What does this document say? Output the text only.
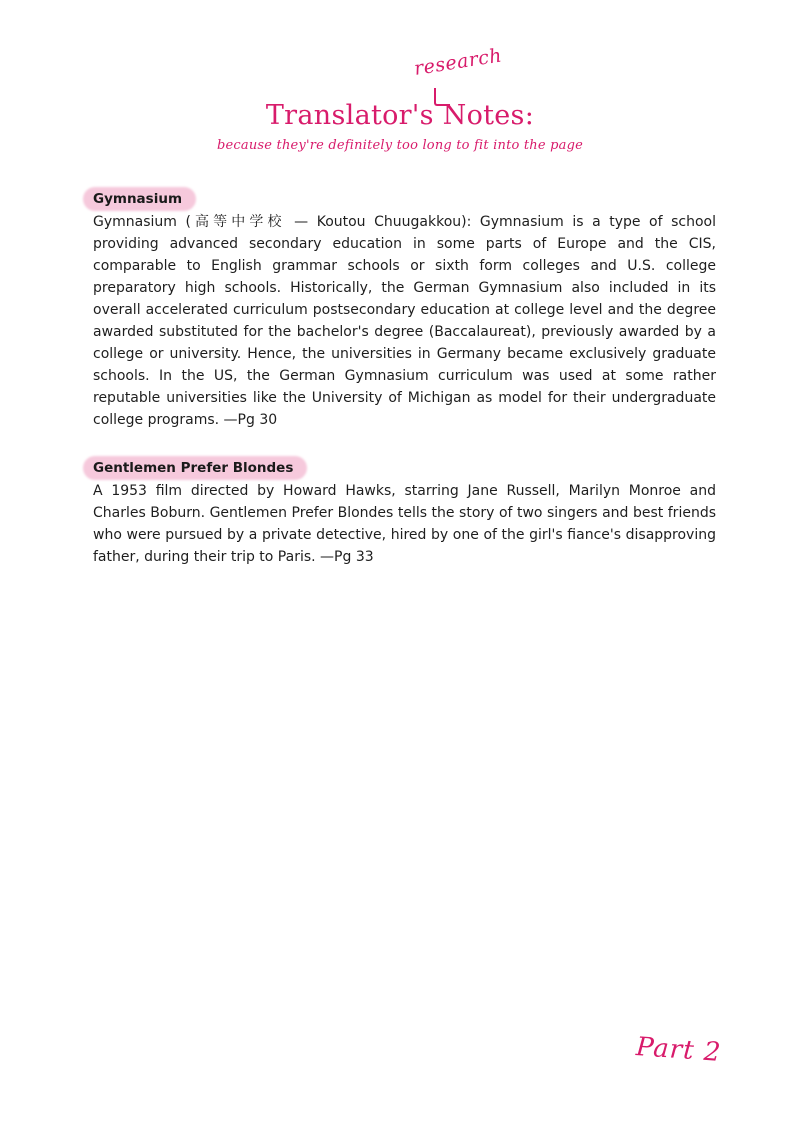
research
Translator's Notes:

because they're definitely too long to fit into the page

Gymnasium

Gymnasium (高等中学校 — Koutou Chuugakkou): Gymnasium is a type of school providing advanced secondary education in some parts of Europe and the CIS, comparable to English grammar schools or sixth form colleges and U.S. college preparatory high schools. Historically, the German Gymnasium also included in its overall accelerated curriculum postsecondary education at college level and the degree awarded substituted for the bachelor's degree (Baccalaureat), previously awarded by a college or university. Hence, the universities in Germany became exclusively graduate schools. In the US, the German Gymnasium curriculum was used at some rather reputable universities like the University of Michigan as model for their undergraduate college programs. —Pg 30

Gentlemen Prefer Blondes

A 1953 film directed by Howard Hawks, starring Jane Russell, Marilyn Monroe and Charles Boburn. Gentlemen Prefer Blondes tells the story of two singers and best friends who were pursued by a private detective, hired by one of the girl's fiance's disapproving father, during their trip to Paris. —Pg 33

Part 2
